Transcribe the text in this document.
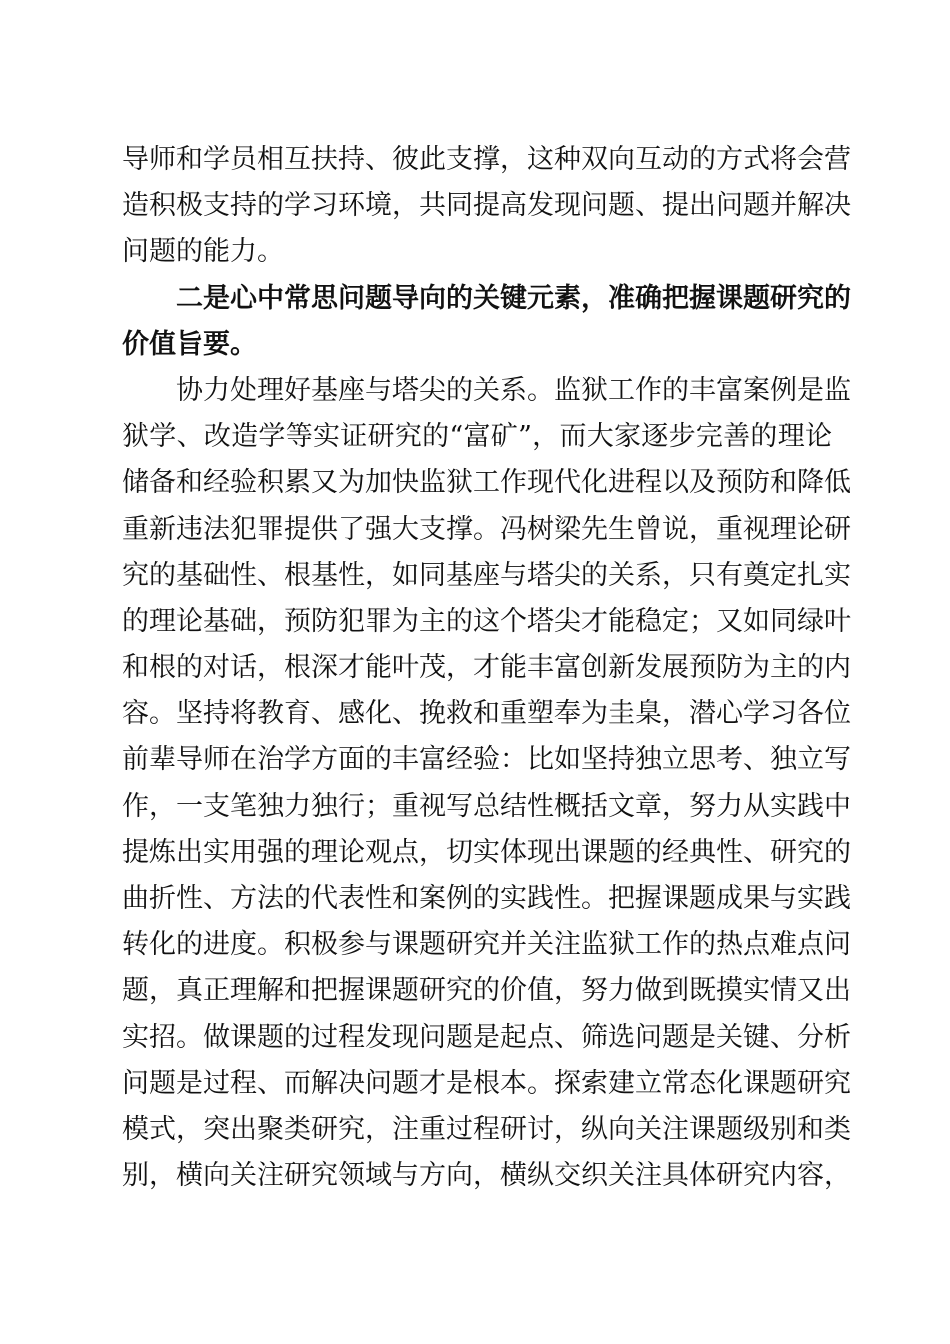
导师和学员相互扶持、彼此支撑，这种双向互动的方式将会营
造积极支持的学习环境，共同提高发现问题、提出问题并解决
问题的能力。
二是心中常思问题导向的关键元素，准确把握课题研究的
价值旨要。
协力处理好基座与塔尖的关系。监狱工作的丰富案例是监
狱学、改造学等实证研究的“富矿”，而大家逐步完善的理论
储备和经验积累又为加快监狱工作现代化进程以及预防和降低
重新违法犯罪提供了强大支撑。冯树梁先生曾说，重视理论研
究的基础性、根基性，如同基座与塔尖的关系，只有奠定扎实
的理论基础，预防犯罪为主的这个塔尖才能稳定；又如同绿叶
和根的对话，根深才能叶茂，才能丰富创新发展预防为主的内
容。坚持将教育、感化、挽救和重塑奉为圭臬，潜心学习各位
前辈导师在治学方面的丰富经验：比如坚持独立思考、独立写
作，一支笔独力独行；重视写总结性概括文章，努力从实践中
提炼出实用强的理论观点，切实体现出课题的经典性、研究的
曲折性、方法的代表性和案例的实践性。把握课题成果与实践
转化的进度。积极参与课题研究并关注监狱工作的热点难点问
题，真正理解和把握课题研究的价值，努力做到既摸实情又出
实招。做课题的过程发现问题是起点、筛选问题是关键、分析
问题是过程、而解决问题才是根本。探索建立常态化课题研究
模式，突出聚类研究，注重过程研讨，纵向关注课题级别和类
别，横向关注研究领域与方向，横纵交织关注具体研究内容，
